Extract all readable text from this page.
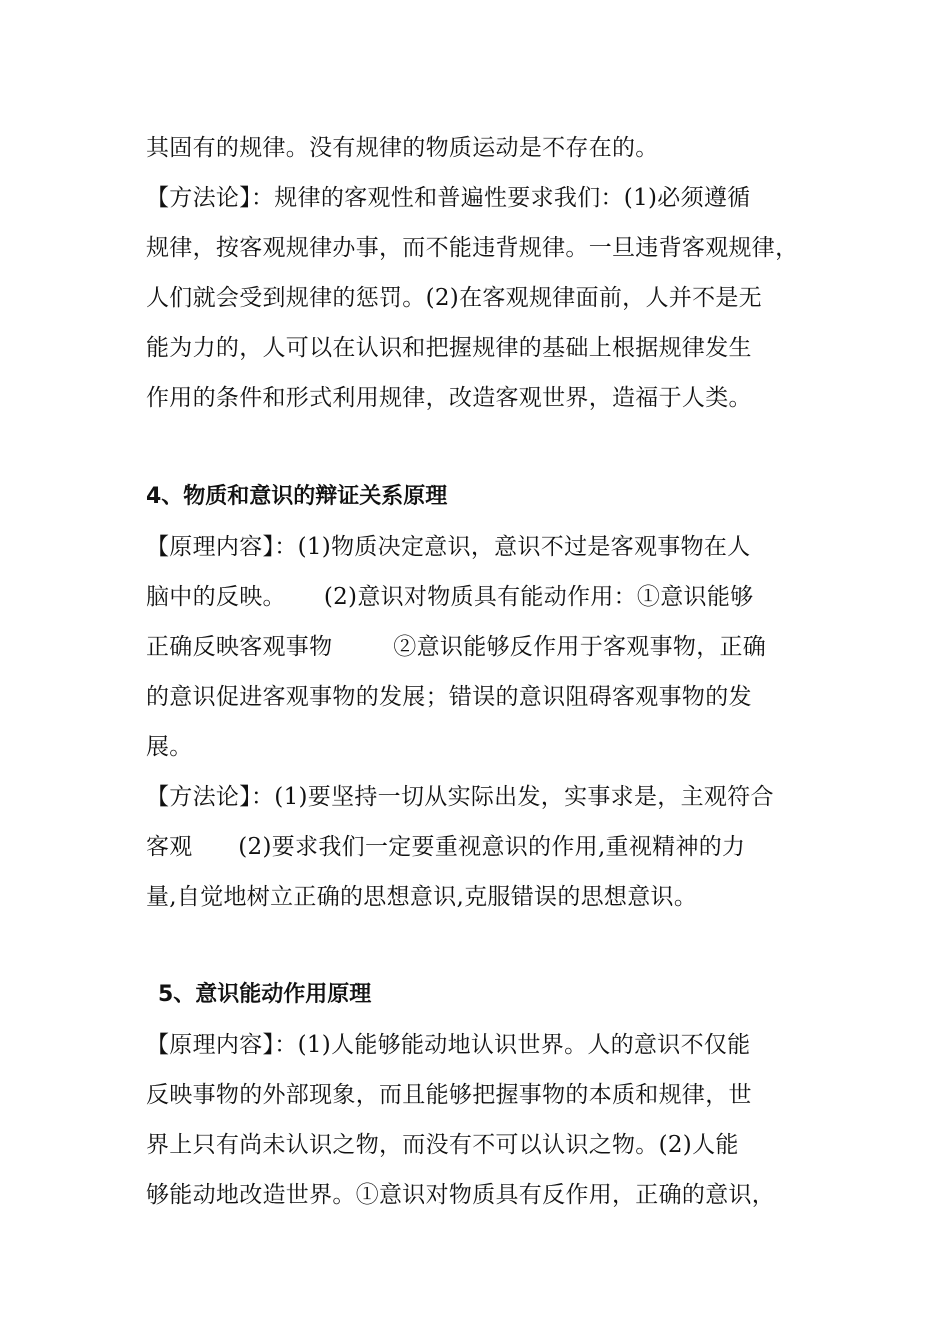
其固有的规律。没有规律的物质运动是不存在的。
【方法论】：规律的客观性和普遍性要求我们：(1)必须遵循
规律，按客观规律办事，而不能违背规律。一旦违背客观规律，
人们就会受到规律的惩罚。(2)在客观规律面前，人并不是无
能为力的，人可以在认识和把握规律的基础上根据规律发生
作用的条件和形式利用规律，改造客观世界，造福于人类。
4、物质和意识的辩证关系原理
【原理内容】：(1)物质决定意识，意识不过是客观事物在人
脑中的反映。     (2)意识对物质具有能动作用：①意识能够
正确反映客观事物        ②意识能够反作用于客观事物，正确
的意识促进客观事物的发展；错误的意识阻碍客观事物的发
展。
【方法论】：(1)要坚持一切从实际出发，实事求是，主观符合
客观      (2)要求我们一定要重视意识的作用,重视精神的力
量,自觉地树立正确的思想意识,克服错误的思想意识。
5、意识能动作用原理
【原理内容】：(1)人能够能动地认识世界。人的意识不仅能
反映事物的外部现象，而且能够把握事物的本质和规律，世
界上只有尚未认识之物，而没有不可以认识之物。(2)人能
够能动地改造世界。①意识对物质具有反作用，正确的意识，
